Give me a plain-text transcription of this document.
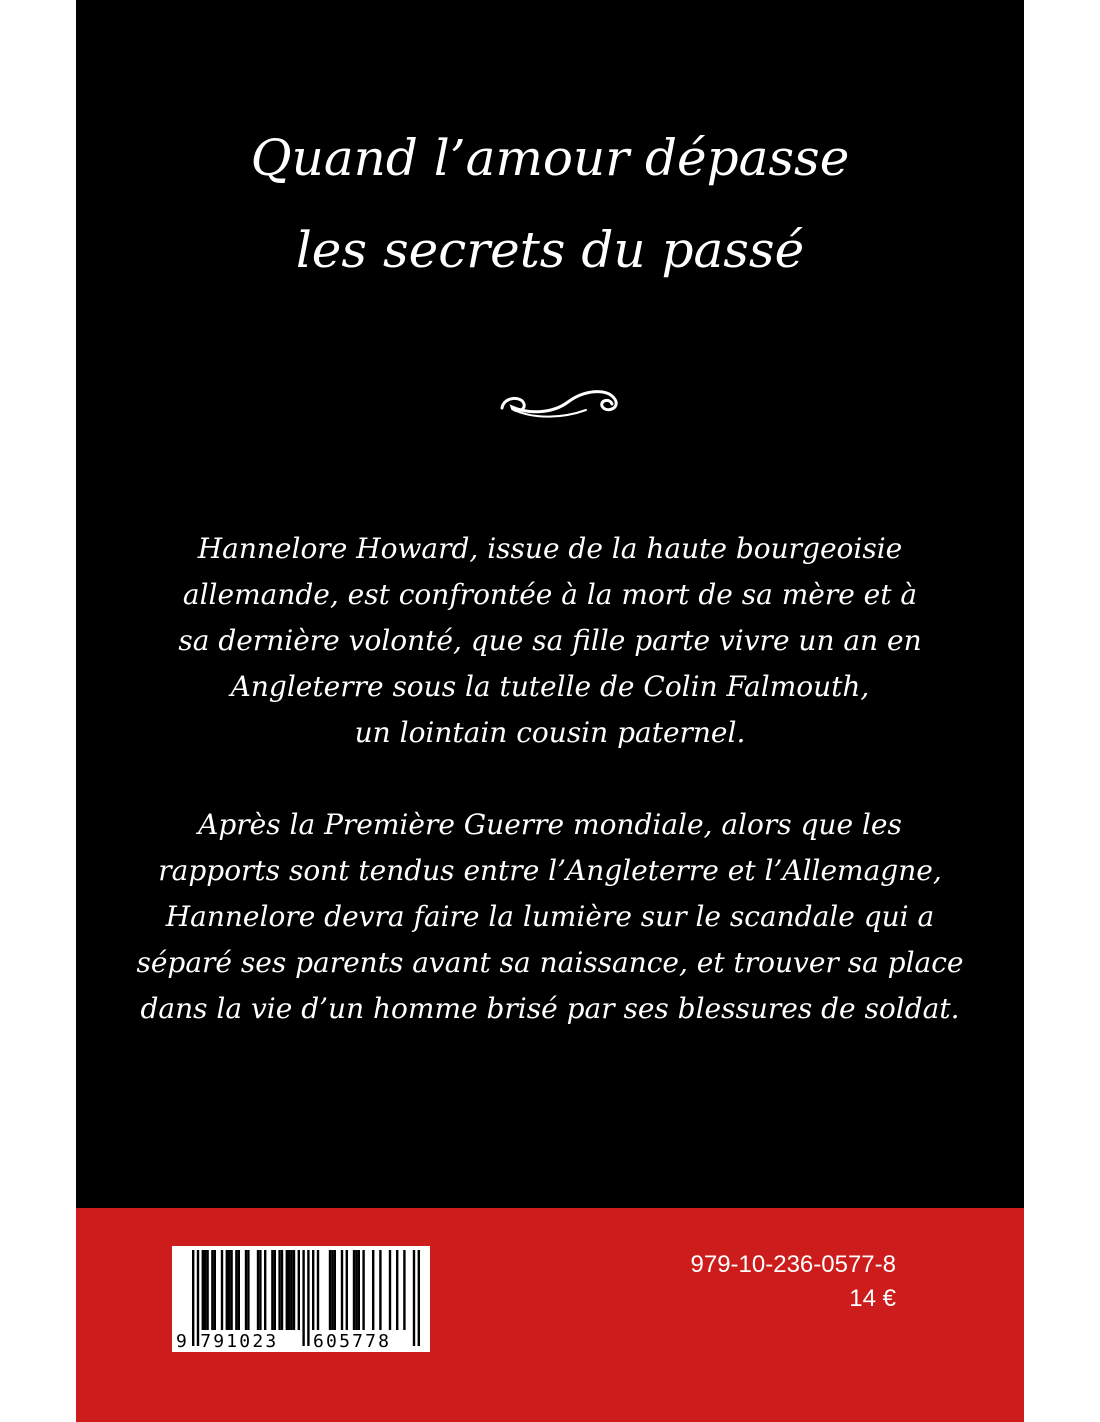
Quand l’amour dépasse
les secrets du passé
Hannelore Howard, issue de la haute bourgeoisie
allemande, est confrontée à la mort de sa mère et à
sa dernière volonté, que sa fille parte vivre un an en
Angleterre sous la tutelle de Colin Falmouth,
un lointain cousin paternel.
Après la Première Guerre mondiale, alors que les
rapports sont tendus entre l’Angleterre et l’Allemagne,
Hannelore devra faire la lumière sur le scandale qui a
séparé ses parents avant sa naissance, et trouver sa place
dans la vie d’un homme brisé par ses blessures de soldat.
9 791023 605778
979-10-236-0577-8
14 €
